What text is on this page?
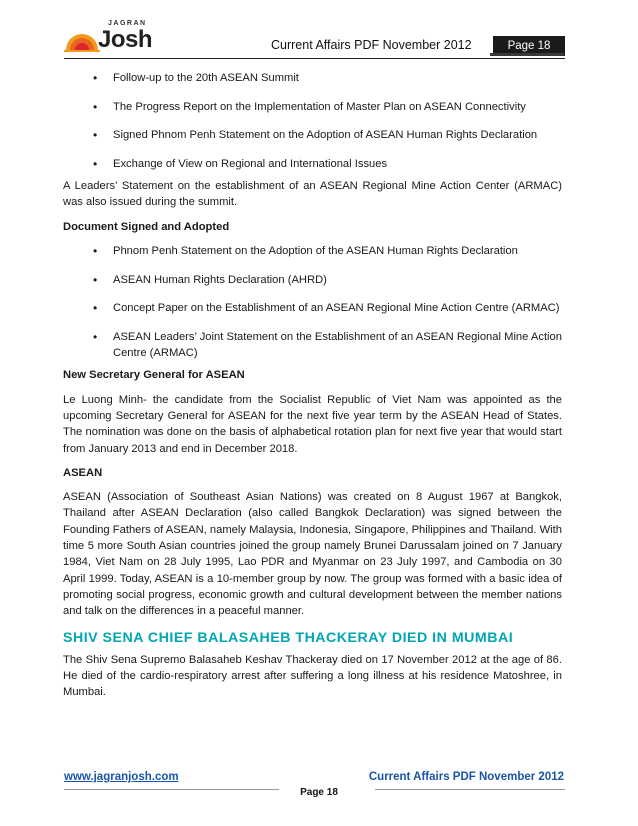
JAGRAN
Josh	Current Affairs PDF November 2012	Page 18
• Follow-up to the 20th ASEAN Summit
• The Progress Report on the Implementation of Master Plan on ASEAN Connectivity
• Signed Phnom Penh Statement on the Adoption of ASEAN Human Rights Declaration
• Exchange of View on Regional and International Issues

A Leaders’ Statement on the establishment of an ASEAN Regional Mine Action Center (ARMAC) was also issued during the summit.

Document Signed and Adopted
• Phnom Penh Statement on the Adoption of the ASEAN Human Rights Declaration
• ASEAN Human Rights Declaration (AHRD)
• Concept Paper on the Establishment of an ASEAN Regional Mine Action Centre (ARMAC)
• ASEAN Leaders’ Joint Statement on the Establishment of an ASEAN Regional Mine Action Centre (ARMAC)
New Secretary General for ASEAN

Le Luong Minh- the candidate from the Socialist Republic of Viet Nam was appointed as the upcoming Secretary General for ASEAN for the next five year term by the ASEAN Head of States. The nomination was done on the basis of alphabetical rotation plan for next five year that would start from January 2013 and end in December 2018.

ASEAN

ASEAN (Association of Southeast Asian Nations) was created on 8 August 1967 at Bangkok, Thailand after ASEAN Declaration (also called Bangkok Declaration) was signed between the Founding Fathers of ASEAN, namely Malaysia, Indonesia, Singapore, Philippines and Thailand. With time 5 more South Asian countries joined the group namely Brunei Darussalam joined on 7 January 1984, Viet Nam on 28 July 1995, Lao PDR and Myanmar on 23 July 1997, and Cambodia on 30 April 1999. Today, ASEAN is a 10-member group by now. The group was formed with a basic idea of promoting social progress, economic growth and cultural development between the member nations and talk on the differences in a peaceful manner.

SHIV SENA CHIEF BALASAHEB THACKERAY DIED IN MUMBAI

The Shiv Sena Supremo Balasaheb Keshav Thackeray died on 17 November 2012 at the age of 86. He died of the cardio-respiratory arrest after suffering a long illness at his residence Matoshree, in Mumbai.

www.jagranjosh.com	Current Affairs PDF November 2012
Page 18
